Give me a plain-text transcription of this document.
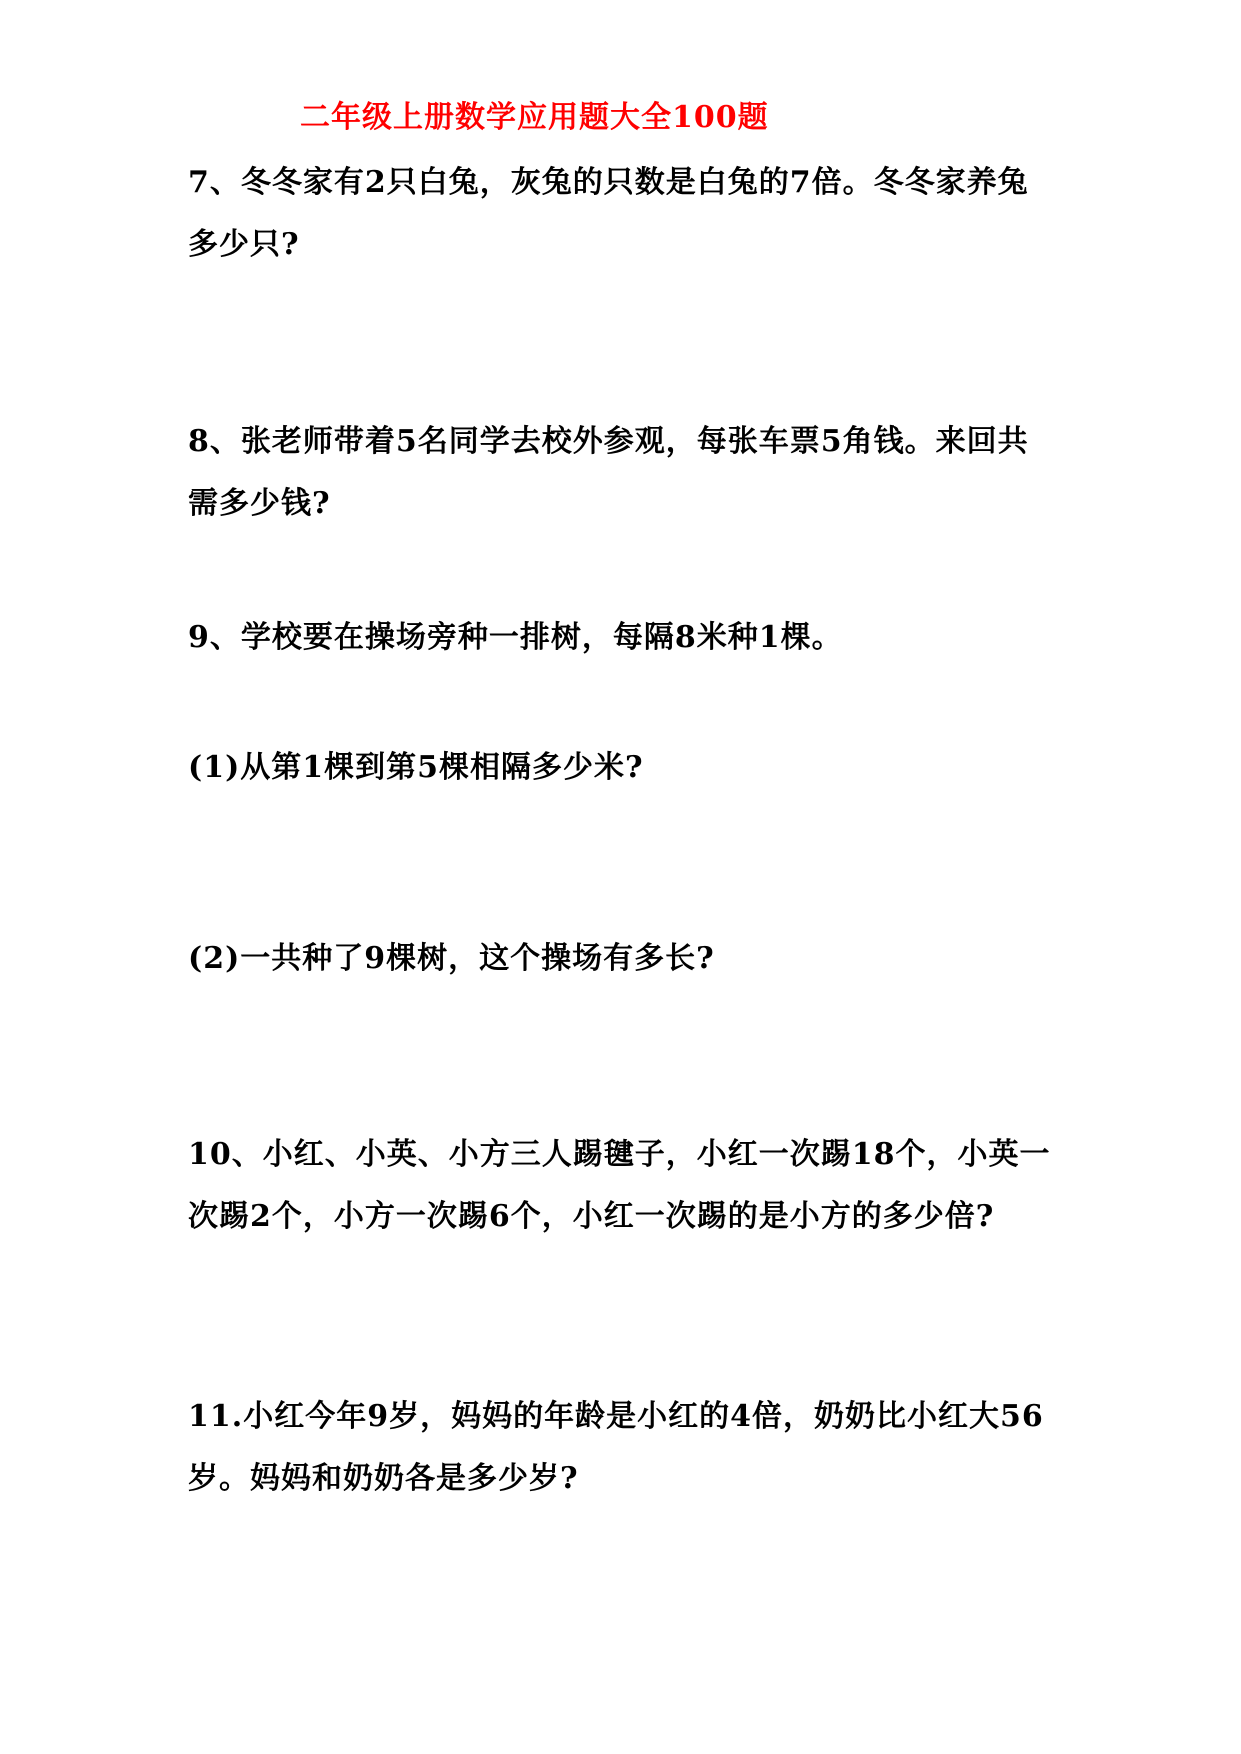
二年级上册数学应用题大全100题

7、冬冬家有2只白兔，灰兔的只数是白兔的7倍。冬冬家养兔多少只?

8、张老师带着5名同学去校外参观，每张车票5角钱。来回共需多少钱?

9、学校要在操场旁种一排树，每隔8米种1棵。

(1)从第1棵到第5棵相隔多少米?

(2)一共种了9棵树，这个操场有多长?

10、小红、小英、小方三人踢毽子，小红一次踢18个，小英一次踢2个，小方一次踢6个，小红一次踢的是小方的多少倍?

11.小红今年9岁，妈妈的年龄是小红的4倍，奶奶比小红大56岁。妈妈和奶奶各是多少岁?
